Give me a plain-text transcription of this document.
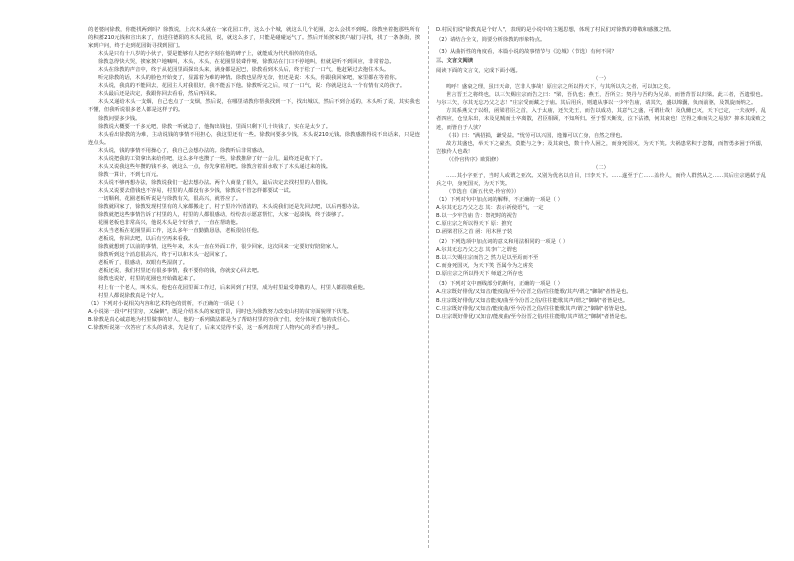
的老婆问徐教，你能找两到吗？徐教说，上次木头就在一家花园工作，这么小个城，就这么几个花圈，怎么会找不到呢。徐教坐着抱那些所有的积蓄210元钱和宣出来了，直进往德阳的木头花园，说，就这么多了，只能是碰碰运气了。然后开始挨家挨户敲门寻找，找了一条条街，挨家到户问，终于走到花园街寻找到园门。

木头是只有十八岁的小伙子，要是能够有人把名字刻在他的碑子上，就能成为代代相传的佳话。

徐教急得快大哭，挨家挨户地喊叫，木头，木头，在花圈里装聋作哑，徐教站在门口不停地叫，但就是听不到回应，非常着急。

木头在徐教的声音中，终于从花园里面探出头来，满身都是泥巴，徐教看到木头后，终于松了一口气，他赶紧过去抱住木头。

听完徐教的话，木头的脸色开始变了，显露着为难的神情。徐教也显得无奈，但还是说：木头，你跟我回家吧，家里都在等着你。

木头说，我真的不能回去，花园主人对我很好，我不能丢下他。徐教听完之后，叹了一口气，说：你就是这么一个有情有义的孩子。

木头最后还是决定，我跟你回去看看，然后再回来。

木头又递给木头一支烟，自己也点了一支烟，然后说，在哪里请教你帮我找到一下，找出城以，然后不到合适的，木头听了说，其实我也不懂，但我听说很多老人都是这样子的。

徐教问要多少钱。

徐教说大概要一千多元吧，徐教一听就急了，他掏出钱包，里面只剩下几十块钱了，实在是太少了。

木头看出徐教的为难，主动说钱的事情不用担心，我这里还有一些。徐教问要多少钱，木头说210元钱。徐教感激得说不出话来，只是连连点头。

木头说，钱的事情不用操心了，我自己会想办法的。徐教听后非常感动。

木头说把我的工资拿出来给你吧，这么多年也攒了一些，徐教推辞了好一会儿，最终还是收下了。

木头又说我这些年攒的钱不多，就这么一点，你先拿着用吧。徐教含着泪水收下了木头递过来的钱。

徐教一算计，不到七百元。

木头说不够再想办法，徐教说我们一起去想办法。两个人商量了很久，最后决定去找村里的人借钱。

木头又说要去借钱也不容易，村里的人都没有多少钱，徐教说不管怎样都要试一试。

一切顺利，花圈老板听说是与徐教有关，很高兴，就答应了。

徐教就回家了，徐教发现村里有的人家都搬走了，村子里冷冷清清的，木头说我们还是先回去吧，以后再想办法。

徐教就把这些事情告诉了村里的人，村里的人都很感动，纷纷表示愿意帮忙，大家一起凑钱，终于凑够了。

花圈老板也非常高兴，他说木头是个好孩子，一直在帮助他。

木头当老板在花圈里面工作，这么多年一直勤勤恳恳，老板很信任他。

老板说，你回去吧，以后有空再来看我。

徐教就想到了以前的事情，这些年来，木头一直在外面工作，很少回家，这次回来一定要好好陪陪家人。

徐教听到这个消息很高兴，终于可以和木头一起回家了。

老板听了，很感动，双眼有些湿润了。

老板还说，我们村里还有很多事情，我不要你的钱，你就安心回去吧。

徐教也说好，村里的花圈也开始做起来了。

村上有一个老人，叫木头，他也在花园里面工作过，后来回到了村里，成为村里最受尊敬的人，村里人都很敬重他。

村里人都说徐教真是个好人。

（1）下列对小说相关内容和艺术特色的赏析，不正确的一项是（ ）

A.小说第一段中"村里穷，又偏僻"，既是介绍木头的家庭背景，同时也为徐教努力改变山村的贫穷面貌埋下伏笔。

B.徐教是真心诚意地为村里做事的好人，他的一系列做法都是为了帮助村里的穷孩子们，充分体现了他的责任心。

C.徐教听说第一次答应了木头的请求，先是有了，后来又觉得不妥，这一系列表现了人物内心的矛盾与挣扎。

D.村民们说"徐教真是个好人"，表现的是小说中的主题思想，体现了村民们对徐教的尊敬和感激之情。

（2）请结合全文，简要分析徐教的形象特点。

（3）从曲折性的角度看，本篇小说的故事情节与《边城》（节选）有何不同？

三、文言文阅读

阅读下面的文言文，完成下面小题。

（一）

鸣呼！盛衰之理，虽曰天命，岂非人事哉！原庄宗之所以得天下，与其所以失之者，可以知之矣。

世言晋王之将终也，以三矢赐庄宗而告之曰："梁，吾仇也；燕王，吾所立；契丹与吾约为兄弟，而皆背晋以归梁。此三者，吾遗恨也。与尔三矢，尔其无忘乃父之志！"庄宗受而藏之于庙。其后用兵，则遣从事以一少牢告庙，请其矢，盛以锦囊，负而前驱，及凯旋而纳之。

方其系燕父子以组，函梁君臣之首，入于太庙，还矢先王，而告以成功，其意气之盛，可谓壮哉！及仇雠已灭，天下已定，一夫夜呼，乱者四应，仓皇东出，未及见贼而士卒离散，君臣相顾，不知所归。至于誓天断发，泣下沾襟，何其衰也！岂得之难而失之易欤？抑本其成败之迹，而皆自于人欤？

《书》曰："满招损，谦受益。"忧劳可以兴国，逸豫可以亡身，自然之理也。

故方其盛也，举天下之豪杰，莫能与之争；及其衰也，数十伶人困之，而身死国灭，为天下笑。夫祸患常积于忽微，而智勇多困于所溺，岂独伶人也哉！

（《伶官传序》欧阳修）

（二）

……其小字亚子，当时人或谓之亚次。又别为优名以自目，曰李天下。……遂至于亡……盖伶人，而伶人群然从之……其后庄宗遇弑于乱兵之中，身死国灭，为天下笑。

（节选自《新五代史·伶官传》）

（1）下列对句中加点词的解释，不正确的一项是（ ）

A.尔其无忘乃父之志 其：表示祈使语气，一定

B.以一少牢告庙 告：祭祀时的祝告

C.原庄宗之所以得天下 原：推究

D.函梁君臣之首 函：用木匣子装

（2）下列选项中加点词的意义和用法相同的一项是（ ）

A.尔其无忘乃父之志 其李广之谓也

B.以三矢赐庄宗而告之 然力足以至焉而不至

C.而身死国灭，为天下笑 吾属今为之虏矣

D.原庄宗之所以得天下 师道之所存也

（3）下列对文中画线部分的断句，正确的一项是（ ）

A.庄宗既好俳优/又知音/能度曲/至今汾晋之俗/往往能歌/其声/谓之"御制"者皆是也。

B.庄宗既好俳优/又知音能度/曲至今汾晋之俗/往往能歌其声/谓之"御制"者皆是也。

C.庄宗既好俳优/又知音/能度曲/至今汾晋之俗/往往能歌其声/谓之"御制"者皆是也。

D.庄宗既好俳优/又知音/能度曲/至今汾晋之俗/往往能歌/其声谓之"御制"者皆是也。
